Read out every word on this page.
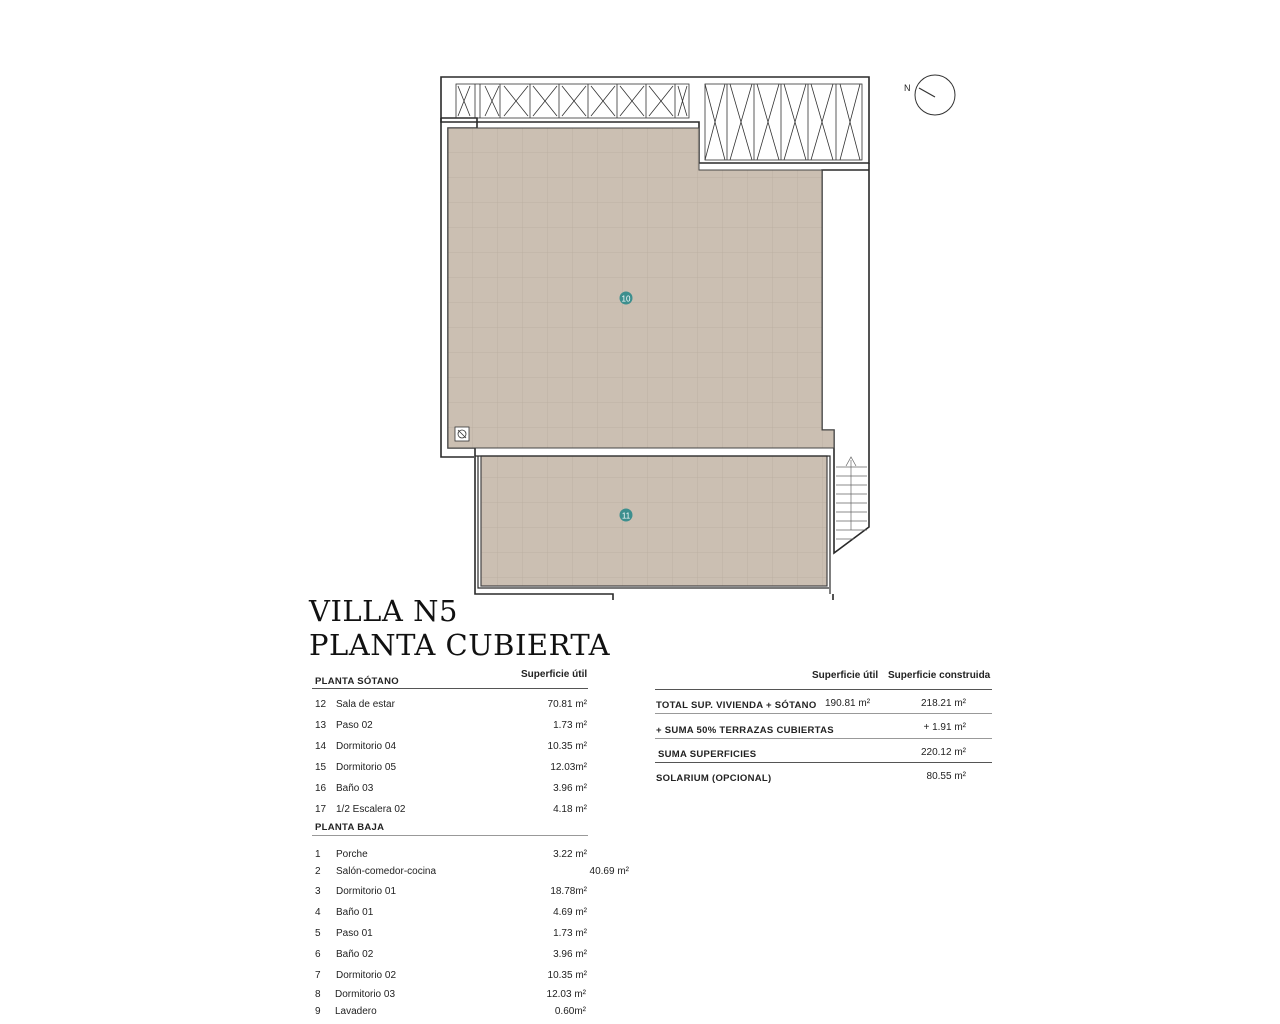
10
11
N
VILLA N5
PLANTA CUBIERTA
Superficie útil
PLANTA SÓTANO
12 Sala de estar	70.81 m²
13 Paso 02	1.73 m²
14 Dormitorio 04	10.35 m²
15 Dormitorio 05	12.03m²
16 Baño 03	3.96 m²
17 1/2 Escalera 02	4.18 m²
PLANTA BAJA
1	Porche	3.22 m²
2	Salón-comedor-cocina	40.69 m²
3	Dormitorio 01	18.78m²
4	Baño 01	4.69 m²
5	Paso 01	1.73 m²
6	Baño 02	3.96 m²
7	Dormitorio 02	10.35 m²
8	Dormitorio 03	12.03 m²
9	Lavadero	0.60m²
Superficie útil Superficie construida
TOTAL SUP. VIVIENDA + SÓTANO 190.81 m²	218.21 m²
+ SUMA 50% TERRAZAS CUBIERTAS	+ 1.91 m²
SUMA SUPERFICIES	220.12 m²
SOLARIUM (OPCIONAL)	80.55 m²
